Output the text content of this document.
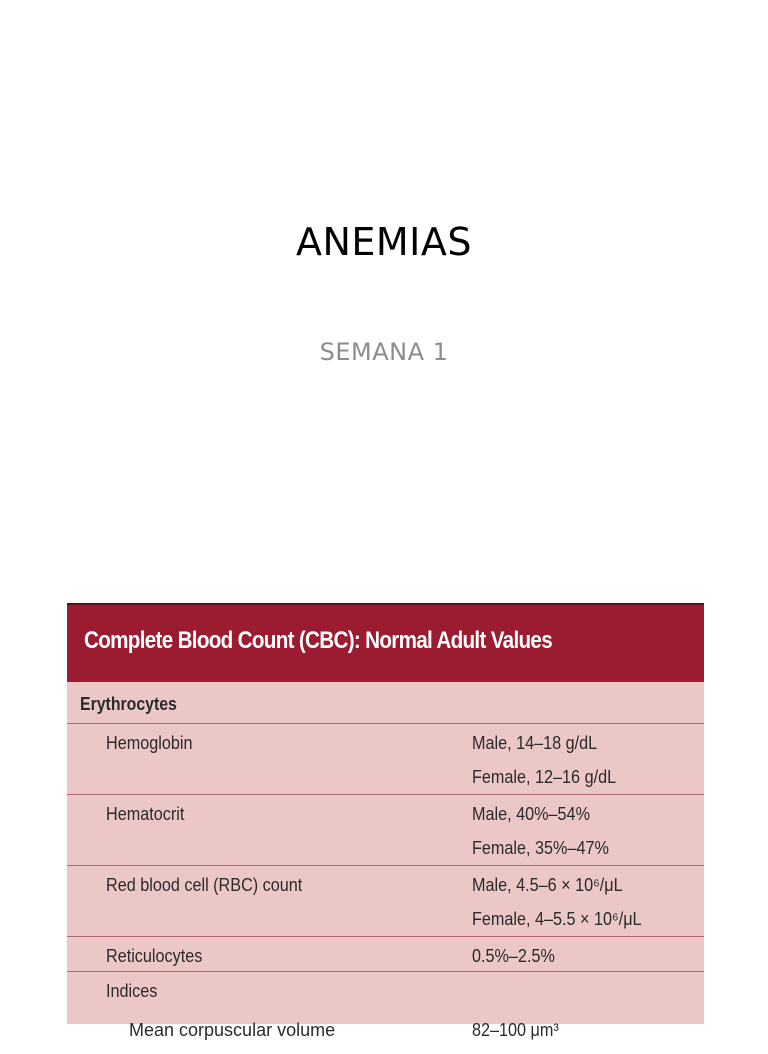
ANEMIAS
SEMANA 1
Complete Blood Count (CBC): Normal Adult Values
Erythrocytes
Hemoglobin	Male, 14–18 g/dL
Female, 12–16 g/dL
Hematocrit	Male, 40%–54%
Female, 35%–47%
Red blood cell (RBC) count	Male, 4.5–6 × 10⁶/μL
Female, 4–5.5 × 10⁶/μL
Reticulocytes	0.5%–2.5%
Indices
Mean corpuscular volume	82–100 μm³
